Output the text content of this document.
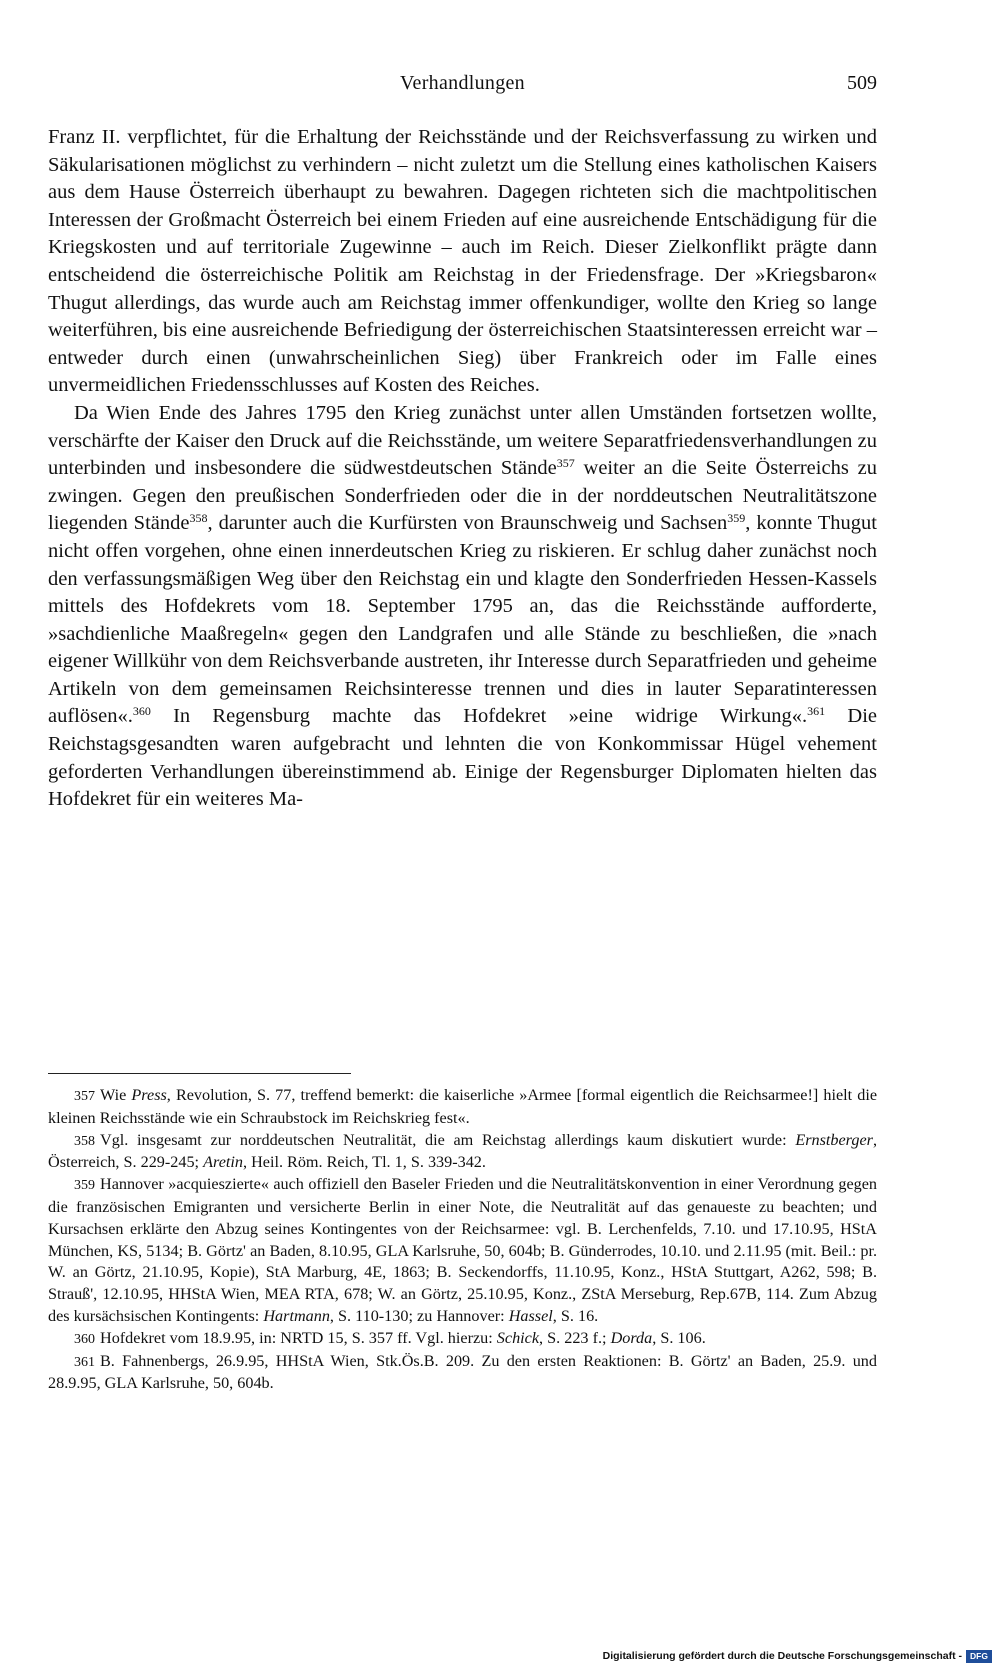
Verhandlungen	509

Franz II. verpflichtet, für die Erhaltung der Reichsstände und der Reichsverfassung zu wirken und Säkularisationen möglichst zu verhindern – nicht zuletzt um die Stellung eines katholischen Kaisers aus dem Hause Österreich überhaupt zu bewahren. Dagegen richteten sich die machtpolitischen Interessen der Großmacht Österreich bei einem Frieden auf eine ausreichende Entschädigung für die Kriegskosten und auf territoriale Zugewinne – auch im Reich. Dieser Zielkonflikt prägte dann entscheidend die österreichische Politik am Reichstag in der Friedensfrage. Der »Kriegsbaron« Thugut allerdings, das wurde auch am Reichstag immer offenkundiger, wollte den Krieg so lange weiterführen, bis eine ausreichende Befriedigung der österreichischen Staatsinteressen erreicht war – entweder durch einen (unwahrscheinlichen Sieg) über Frankreich oder im Falle eines unvermeidlichen Friedensschlusses auf Kosten des Reiches.

Da Wien Ende des Jahres 1795 den Krieg zunächst unter allen Umständen fortsetzen wollte, verschärfte der Kaiser den Druck auf die Reichsstände, um weitere Separatfriedensverhandlungen zu unterbinden und insbesondere die südwestdeutschen Stände$^{357}$ weiter an die Seite Österreichs zu zwingen. Gegen den preußischen Sonderfrieden oder die in der norddeutschen Neutralitätszone liegenden Stände$^{358}$, darunter auch die Kurfürsten von Braunschweig und Sachsen$^{359}$, konnte Thugut nicht offen vorgehen, ohne einen innerdeutschen Krieg zu riskieren. Er schlug daher zunächst noch den verfassungsmäßigen Weg über den Reichstag ein und klagte den Sonderfrieden Hessen-Kassels mittels des Hofdekrets vom 18. September 1795 an, das die Reichsstände aufforderte, »sachdienliche Maaßregeln« gegen den Landgrafen und alle Stände zu beschließen, die »nach eigener Willkühr von dem Reichsverbande austreten, ihr Interesse durch Separatfrieden und geheime Artikeln von dem gemeinsamen Reichsinteresse trennen und dies in lauter Separatinteressen auflösen«.$^{360}$ In Regensburg machte das Hofdekret »eine widrige Wirkung«.$^{361}$ Die Reichstagsgesandten waren aufgebracht und lehnten die von Konkommissar Hügel vehement geforderten Verhandlungen übereinstimmend ab. Einige der Regensburger Diplomaten hielten das Hofdekret für ein weiteres Ma-

357 Wie Press, Revolution, S. 77, treffend bemerkt: die kaiserliche »Armee [formal eigentlich die Reichsarmee!] hielt die kleinen Reichsstände wie ein Schraubstock im Reichskrieg fest«.

358 Vgl. insgesamt zur norddeutschen Neutralität, die am Reichstag allerdings kaum diskutiert wurde: Ernstberger, Österreich, S. 229-245; Aretin, Heil. Röm. Reich, Tl. 1, S. 339-342.

359 Hannover »acquieszierte« auch offiziell den Baseler Frieden und die Neutralitätskonvention in einer Verordnung gegen die französischen Emigranten und versicherte Berlin in einer Note, die Neutralität auf das genaueste zu beachten; und Kursachsen erklärte den Abzug seines Kontingentes von der Reichsarmee: vgl. B. Lerchenfelds, 7.10. und 17.10.95, HStA München, KS, 5134; B. Görtz' an Baden, 8.10.95, GLA Karlsruhe, 50, 604b; B. Günderrodes, 10.10. und 2.11.95 (mit. Beil.: pr. W. an Görtz, 21.10.95, Kopie), StA Marburg, 4E, 1863; B. Seckendorffs, 11.10.95, Konz., HStA Stuttgart, A262, 598; B. Strauß', 12.10.95, HHStA Wien, MEA RTA, 678; W. an Görtz, 25.10.95, Konz., ZStA Merseburg, Rep.67B, 114. Zum Abzug des kursächsischen Kontingents: Hartmann, S. 110-130; zu Hannover: Hassel, S. 16.

360 Hofdekret vom 18.9.95, in: NRTD 15, S. 357 ff. Vgl. hierzu: Schick, S. 223 f.; Dorda, S. 106.

361 B. Fahnenbergs, 26.9.95, HHStA Wien, Stk.Ös.B. 209. Zu den ersten Reaktionen: B. Görtz' an Baden, 25.9. und 28.9.95, GLA Karlsruhe, 50, 604b.

Digitalisierung gefördert durch die Deutsche Forschungsgemeinschaft - DFG
